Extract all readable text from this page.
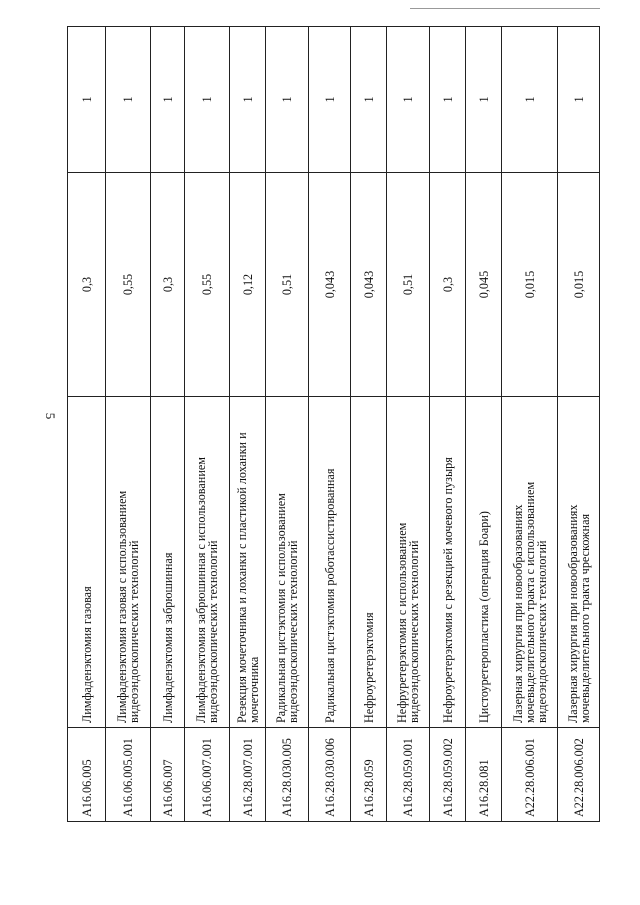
5
A16.06.005	Лимфаденэктомия газовая	0,3	1
A16.06.005.001	Лимфаденэктомия газовая с использованием видеоэндоскопических технологий	0,55	1
A16.06.007	Лимфаденэктомия забрюшинная	0,3	1
A16.06.007.001	Лимфаденэктомия забрюшинная с использованием видеоэндоскопических технологий	0,55	1
A16.28.007.001	Резекция мочеточника и лоханки с пластикой лоханки и мочеточника	0,12	1
A16.28.030.005	Радикальная цистэктомия с использованием видеоэндоскопических технологий	0,51	1
A16.28.030.006	Радикальная цистэктомия роботассистированная	0,043	1
A16.28.059	Нефроуретерэктомия	0,043	1
A16.28.059.001	Нефруретерэктомия с использованием видеоэндоскопических технологий	0,51	1
A16.28.059.002	Нефроуретерэктомия с резекцией мочевого пузыря	0,3	1
A16.28.081	Цистоуретеропластика (операция Боари)	0,045	1
A22.28.006.001	Лазерная хирургия при новообразованиях мочевыделительного тракта с использованием видеоэндоскопических технологий	0,015	1
A22.28.006.002	Лазерная хирургия при новообразованиях мочевыделительного тракта чрескожная	0,015	1
